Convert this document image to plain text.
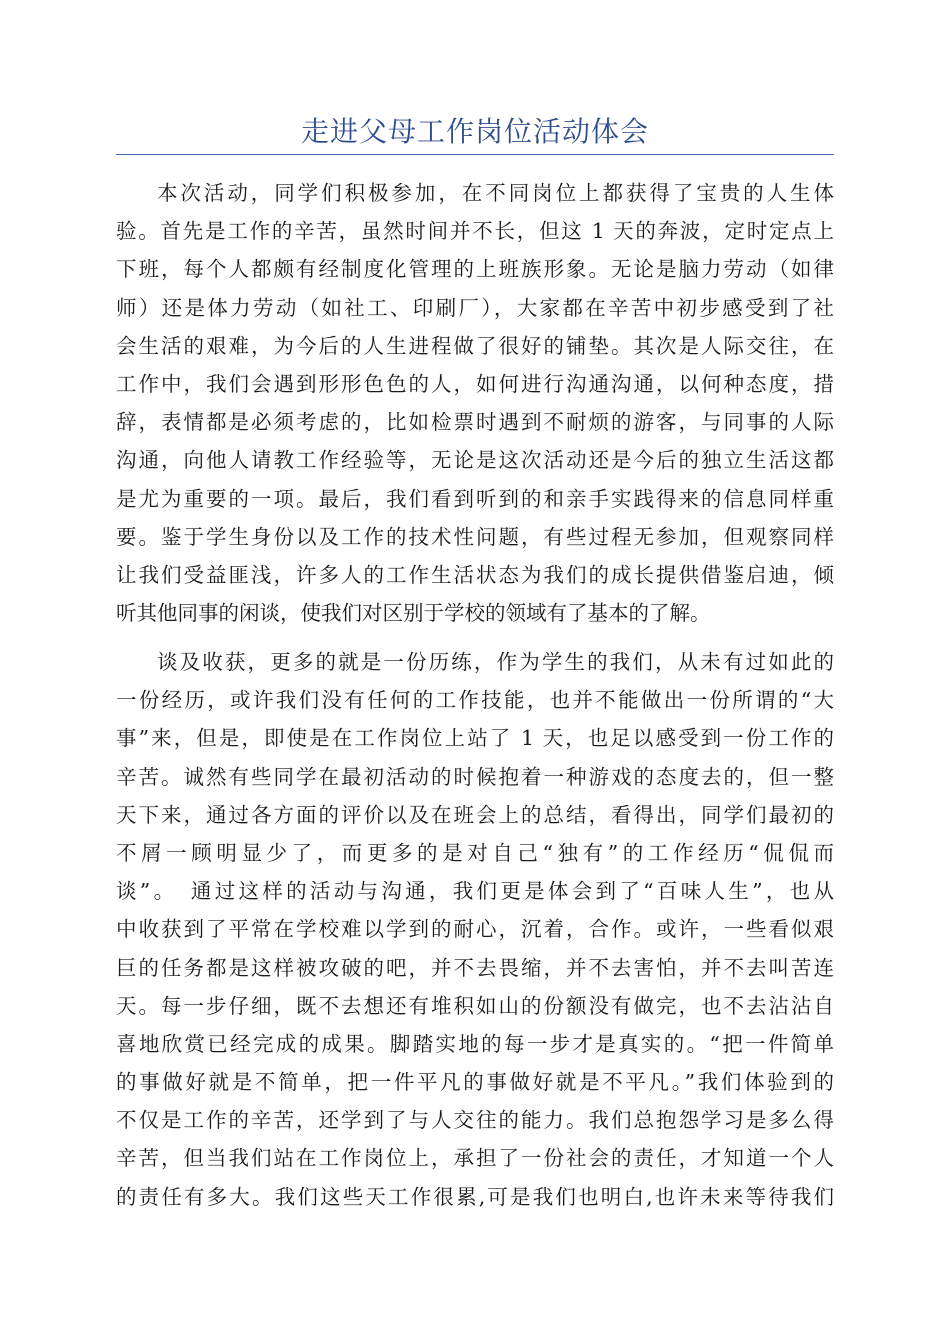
走进父母工作岗位活动体会
本次活动，同学们积极参加，在不同岗位上都获得了宝贵的人生体
验。首先是工作的辛苦，虽然时间并不长，但这 1 天的奔波，定时定点上
下班，每个人都颇有经制度化管理的上班族形象。无论是脑力劳动（如律
师）还是体力劳动（如社工、印刷厂），大家都在辛苦中初步感受到了社
会生活的艰难，为今后的人生进程做了很好的铺垫。其次是人际交往，在
工作中，我们会遇到形形色色的人，如何进行沟通沟通，以何种态度，措
辞，表情都是必须考虑的，比如检票时遇到不耐烦的游客，与同事的人际
沟通，向他人请教工作经验等，无论是这次活动还是今后的独立生活这都
是尤为重要的一项。最后，我们看到听到的和亲手实践得来的信息同样重
要。鉴于学生身份以及工作的技术性问题，有些过程无参加，但观察同样
让我们受益匪浅，许多人的工作生活状态为我们的成长提供借鉴启迪，倾
听其他同事的闲谈，使我们对区别于学校的领域有了基本的了解。
谈及收获，更多的就是一份历练，作为学生的我们，从未有过如此的
一份经历，或许我们没有任何的工作技能，也并不能做出一份所谓的“大
事”来，但是，即使是在工作岗位上站了 1 天，也足以感受到一份工作的
辛苦。诚然有些同学在最初活动的时候抱着一种游戏的态度去的，但一整
天下来，通过各方面的评价以及在班会上的总结，看得出，同学们最初的
不屑一顾明显少了，而更多的是对自己“独有”的工作经历“侃侃而
谈”。　通过这样的活动与沟通，我们更是体会到了“百味人生”，也从
中收获到了平常在学校难以学到的耐心，沉着，合作。或许，一些看似艰
巨的任务都是这样被攻破的吧，并不去畏缩，并不去害怕，并不去叫苦连
天。每一步仔细，既不去想还有堆积如山的份额没有做完，也不去沾沾自
喜地欣赏已经完成的成果。脚踏实地的每一步才是真实的。“把一件简单
的事做好就是不简单，把一件平凡的事做好就是不平凡。”我们体验到的
不仅是工作的辛苦，还学到了与人交往的能力。我们总抱怨学习是多么得
辛苦，但当我们站在工作岗位上，承担了一份社会的责任，才知道一个人
的责任有多大。我们这些天工作很累,可是我们也明白,也许未来等待我们
